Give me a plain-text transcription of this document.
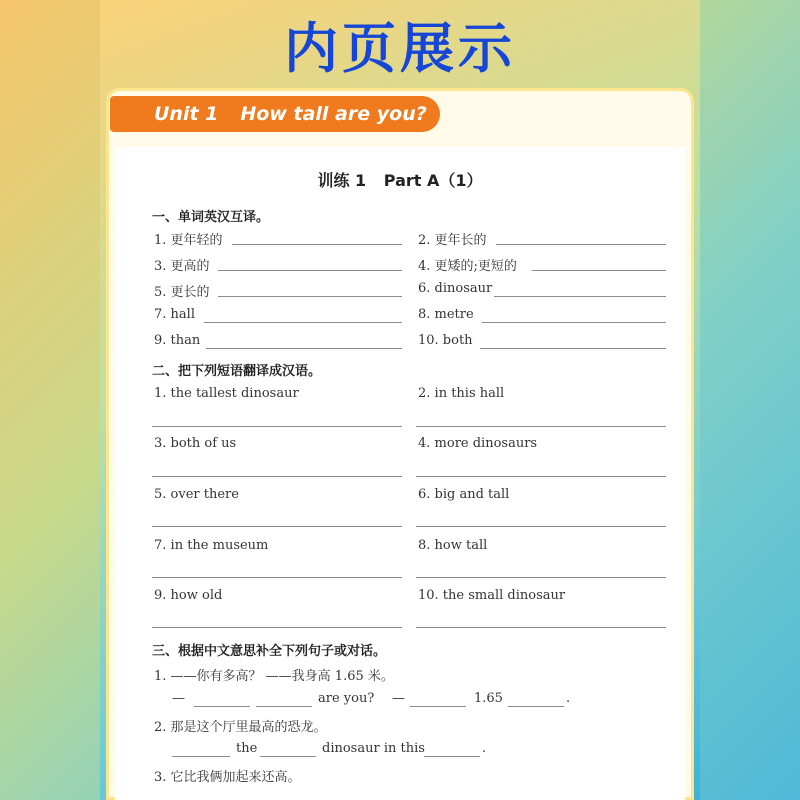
内页展示
Unit 1 How tall are you?
训练 1 Part A（1）
一、单词英汉互译。
1. 更年轻的	2. 更年长的
3. 更高的	4. 更矮的;更短的
5. 更长的	6. dinosaur
7. hall	8. metre
9. than	10. both
二、把下列短语翻译成汉语。
1. the tallest dinosaur	2. in this hall
3. both of us	4. more dinosaurs
5. over there	6. big and tall
7. in the museum	8. how tall
9. how old	10. the small dinosaur
三、根据中文意思补全下列句子或对话。
1. ——你有多高？ ——我身高 1.65 米。
—	are you? —	1.65	.
2. 那是这个厅里最高的恐龙。
the	dinosaur in this	.
3. 它比我俩加起来还高。
